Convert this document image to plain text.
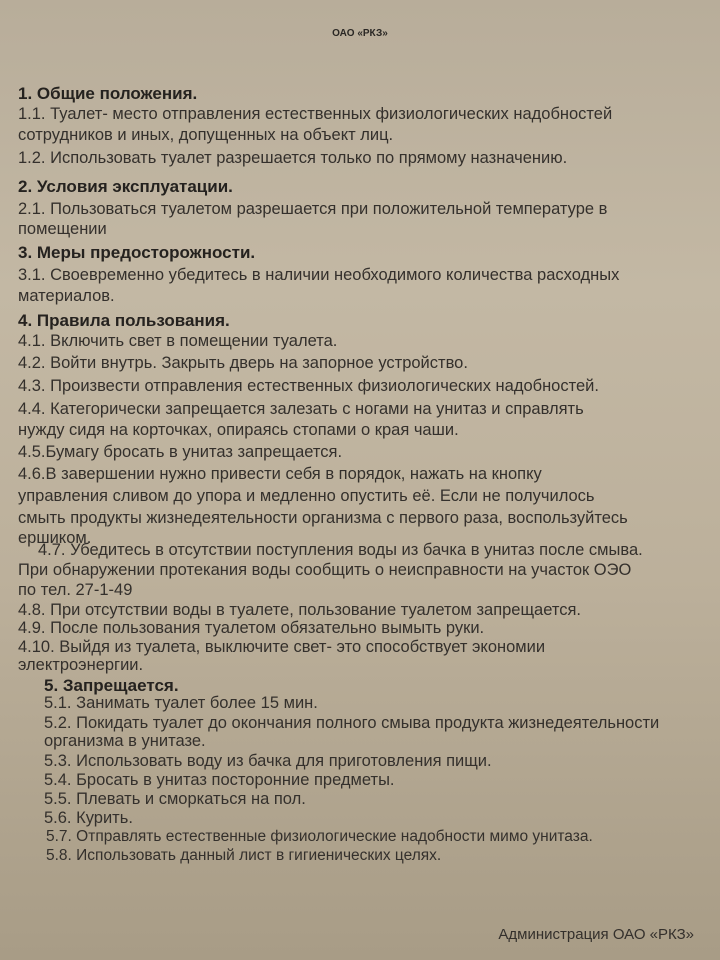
ОАО «РКЗ»
1. Общие положения.
1.1. Туалет- место отправления естественных физиологических надобностей
сотрудников и иных, допущенных на объект лиц.
1.2. Использовать туалет разрешается только по прямому назначению.
2. Условия эксплуатации.
2.1. Пользоваться туалетом разрешается при положительной температуре в
помещении
3. Меры предосторожности.
3.1. Своевременно убедитесь в наличии необходимого количества расходных
материалов.
4. Правила пользования.
4.1. Включить свет в помещении туалета.
4.2. Войти внутрь. Закрыть дверь на запорное устройство.
4.3. Произвести отправления естественных физиологических надобностей.
4.4. Категорически запрещается залезать с ногами на унитаз и справлять
нужду сидя на корточках, опираясь стопами о края чаши.
4.5.Бумагу бросать в унитаз запрещается.
4.6.В завершении нужно привести себя в порядок, нажать на кнопку
управления сливом до упора и медленно опустить её. Если не получилось
смыть продукты жизнедеятельности организма с первого раза, воспользуйтесь
ершиком.
4.7. Убедитесь в отсутствии поступления воды из бачка в унитаз после смыва.
При обнаружении протекания воды сообщить о неисправности на участок ОЭО
по тел. 27-1-49
4.8. При отсутствии воды в туалете, пользование туалетом запрещается.
4.9. После пользования туалетом обязательно вымыть руки.
4.10. Выйдя из туалета, выключите свет- это способствует экономии
электроэнергии.
5. Запрещается.
5.1. Занимать туалет более 15 мин.
5.2. Покидать туалет до окончания полного смыва продукта жизнедеятельности
организма в унитазе.
5.3. Использовать воду из бачка для приготовления пищи.
5.4. Бросать в унитаз посторонние предметы.
5.5. Плевать и сморкаться на пол.
5.6. Курить.
5.7. Отправлять естественные физиологические надобности мимо унитаза.
5.8. Использовать данный лист в гигиенических целях.
Администрация ОАО «РКЗ»
